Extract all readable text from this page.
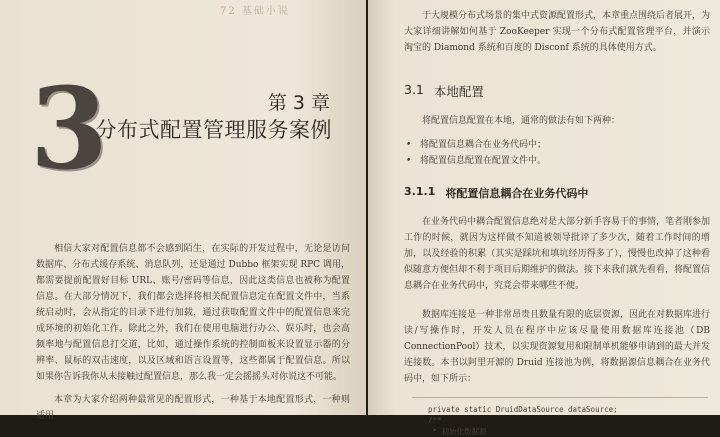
72 基础小说
3	第 3 章
分布式配置管理服务案例

相信大家对配置信息都不会感到陌生，在实际的开发过程中，无论是访问数据库、分布式缓存系统、消息队列，还是通过 Dubbo 框架实现 RPC 调用，都需要提前配置好目标 URL、账号/密码等信息，因此这类信息也被称为配置信息。在大部分情况下，我们都会选择将相关配置信息定在配置文件中，当系统启动时，会从指定的目录下进行加载，通过获取配置文件中的配置信息来完成环境的初始化工作。除此之外，我们在使用电脑进行办公、娱乐时，也会高频率地与配置信息打交道，比如，通过操作系统的控制面板来设置显示器的分辨率、鼠标的双击速度，以及区域和语言设置等，这些都属于配置信息。所以如果你告诉我你从未接触过配置信息，那么我一定会摇摇头对你说这不可能。

本章为大家介绍两种最常见的配置形式，一种基于本地配置形式，一种则适用

于大规模分布式场景的集中式资源配置形式，本章重点围绕后者展开，为大家详细讲解如何基于 ZooKeeper 实现一个分布式配置管理平台，并演示淘宝的 Diamond 系统和百度的 Disconf 系统的具体使用方式。

3.1 本地配置

将配置信息配置在本地，通常的做法有如下两种：

• 将配置信息耦合在业务代码中；
• 将配置信息配置在配置文件中。
3.1.1 将配置信息耦合在业务代码中

在业务代码中耦合配置信息绝对是大部分新手容易干的事情，笔者刚参加工作的时候，就因为这样做不知道被领导批评了多少次，随着工作时间的增加，以及经验的积累（其实是踩坑和填坑经历得多了），慢慢也改掉了这种看似随意方便但却不利于项目后期维护的做法。接下来我们就先看看，将配置信息耦合在业务代码中，究竟会带来哪些不便。

数据库连接是一种非常昂贵且数量有限的底层资源，因此在对数据库进行读/写操作时，开发人员在程序中应该尽量使用数据库连接池（DB ConnectionPool）技术，以实现资源复用和限制单机能够申请到的最大并发连接数。本书以阿里开源的 Druid 连接池为例，将数据源信息耦合在业务代码中，如下所示：

private static DruidDataSource dataSource;
/**
* 初始化数据源
